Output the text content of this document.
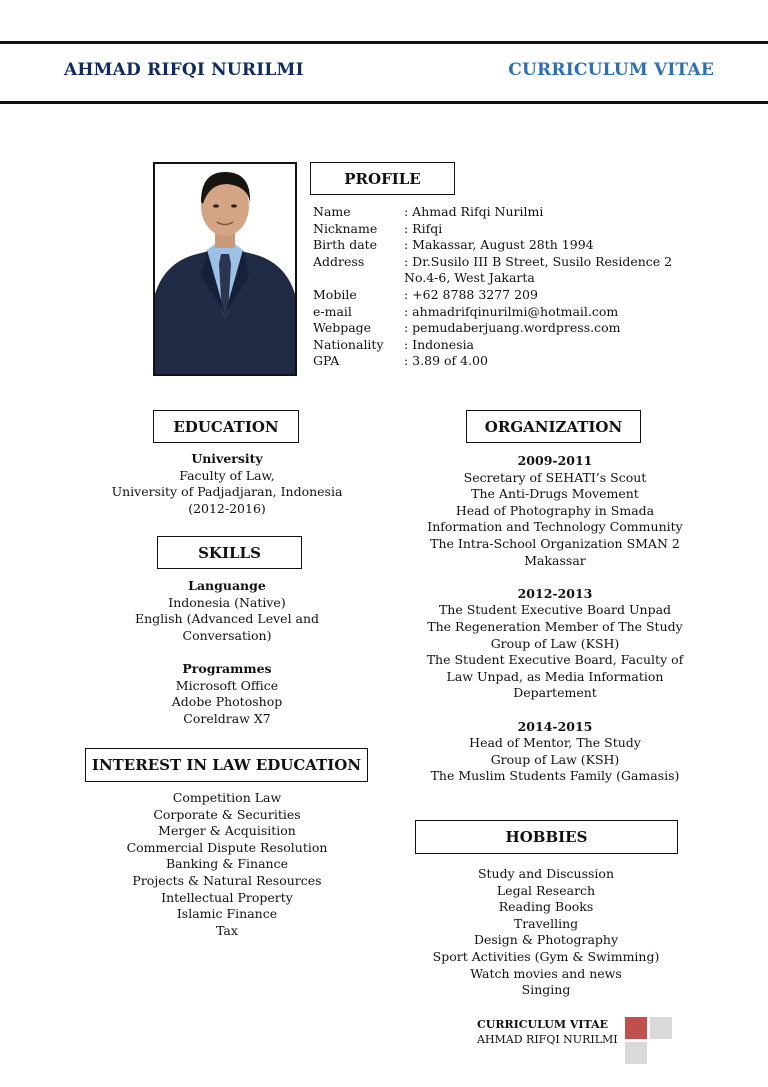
AHMAD RIFQI NURILMI	CURRICULUM VITAE
PROFILE
Name	: Ahmad Rifqi Nurilmi
Nickname	: Rifqi
Birth date	: Makassar, August 28th 1994
Address	: Dr.Susilo III B Street, Susilo Residence 2
No.4-6, West Jakarta
Mobile	: +62 8788 3277 209
e-mail	: ahmadrifqinurilmi@hotmail.com
Webpage	: pemudaberjuang.wordpress.com
Nationality	: Indonesia
GPA	: 3.89 of 4.00
EDUCATION
University
Faculty of Law,
University of Padjadjaran, Indonesia
(2012-2016)
SKILLS
Languange
Indonesia (Native)
English (Advanced Level and
Conversation)
Programmes
Microsoft Office
Adobe Photoshop
Coreldraw X7
INTEREST IN LAW EDUCATION
Competition Law
Corporate & Securities
Merger & Acquisition
Commercial Dispute Resolution
Banking & Finance
Projects & Natural Resources
Intellectual Property
Islamic Finance
Tax
ORGANIZATION
2009-2011
Secretary of SEHATI’s Scout
The Anti-Drugs Movement
Head of Photography in Smada
Information and Technology Community
The Intra-School Organization SMAN 2
Makassar
2012-2013
The Student Executive Board Unpad
The Regeneration Member of The Study
Group of Law (KSH)
The Student Executive Board, Faculty of
Law Unpad, as Media Information
Departement
2014-2015
Head of Mentor, The Study
Group of Law (KSH)
The Muslim Students Family (Gamasis)
HOBBIES
Study and Discussion
Legal Research
Reading Books
Travelling
Design & Photography
Sport Activities (Gym & Swimming)
Watch movies and news
Singing
CURRICULUM VITAE
AHMAD RIFQI NURILMI
